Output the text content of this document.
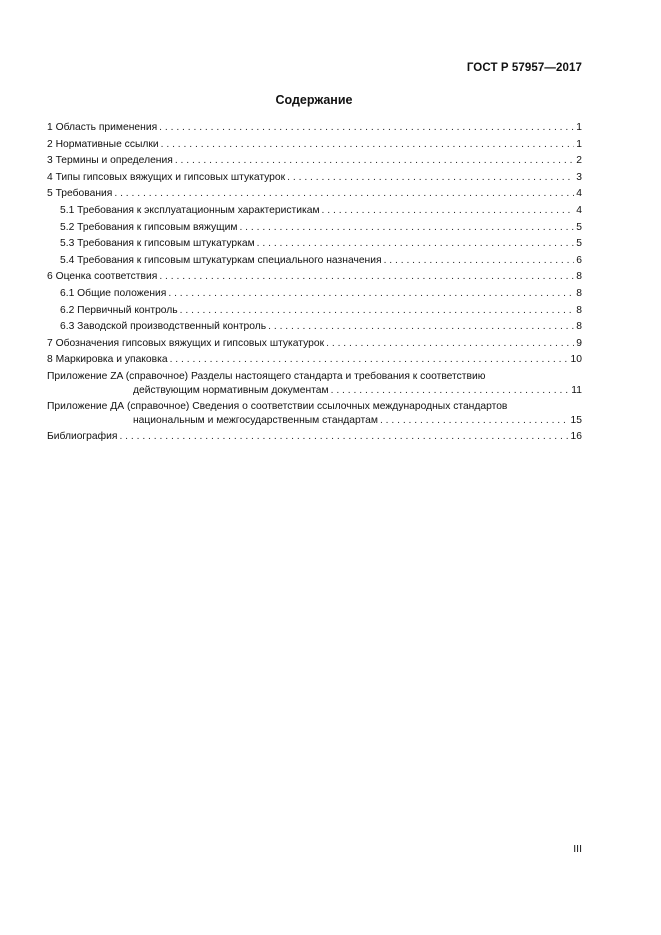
ГОСТ Р 57957—2017
Содержание
1 Область применения . . .	1
2 Нормативные ссылки . . .	1
3 Термины и определения . . .	2
4 Типы гипсовых вяжущих и гипсовых штукатурок . . .	3
5 Требования . . .	4
5.1 Требования к эксплуатационным характеристикам . . .	4
5.2 Требования к гипсовым вяжущим . . .	5
5.3 Требования к гипсовым штукатуркам . . .	5
5.4 Требования к гипсовым штукатуркам специального назначения . . .	6
6 Оценка соответствия . . .	8
6.1 Общие положения . . .	8
6.2 Первичный контроль . . .	8
6.3 Заводской производственный контроль . . .	8
7 Обозначения гипсовых вяжущих и гипсовых штукатурок . . .	9
8 Маркировка и упаковка . . .	10
Приложение ZA (справочное) Разделы настоящего стандарта и требования к соответствию
действующим нормативным документам . . .	11
Приложение ДА (справочное) Сведения о соответствии ссылочных международных стандартов
национальным и межгосударственным стандартам . . .	15
Библиография . . .	16
III
